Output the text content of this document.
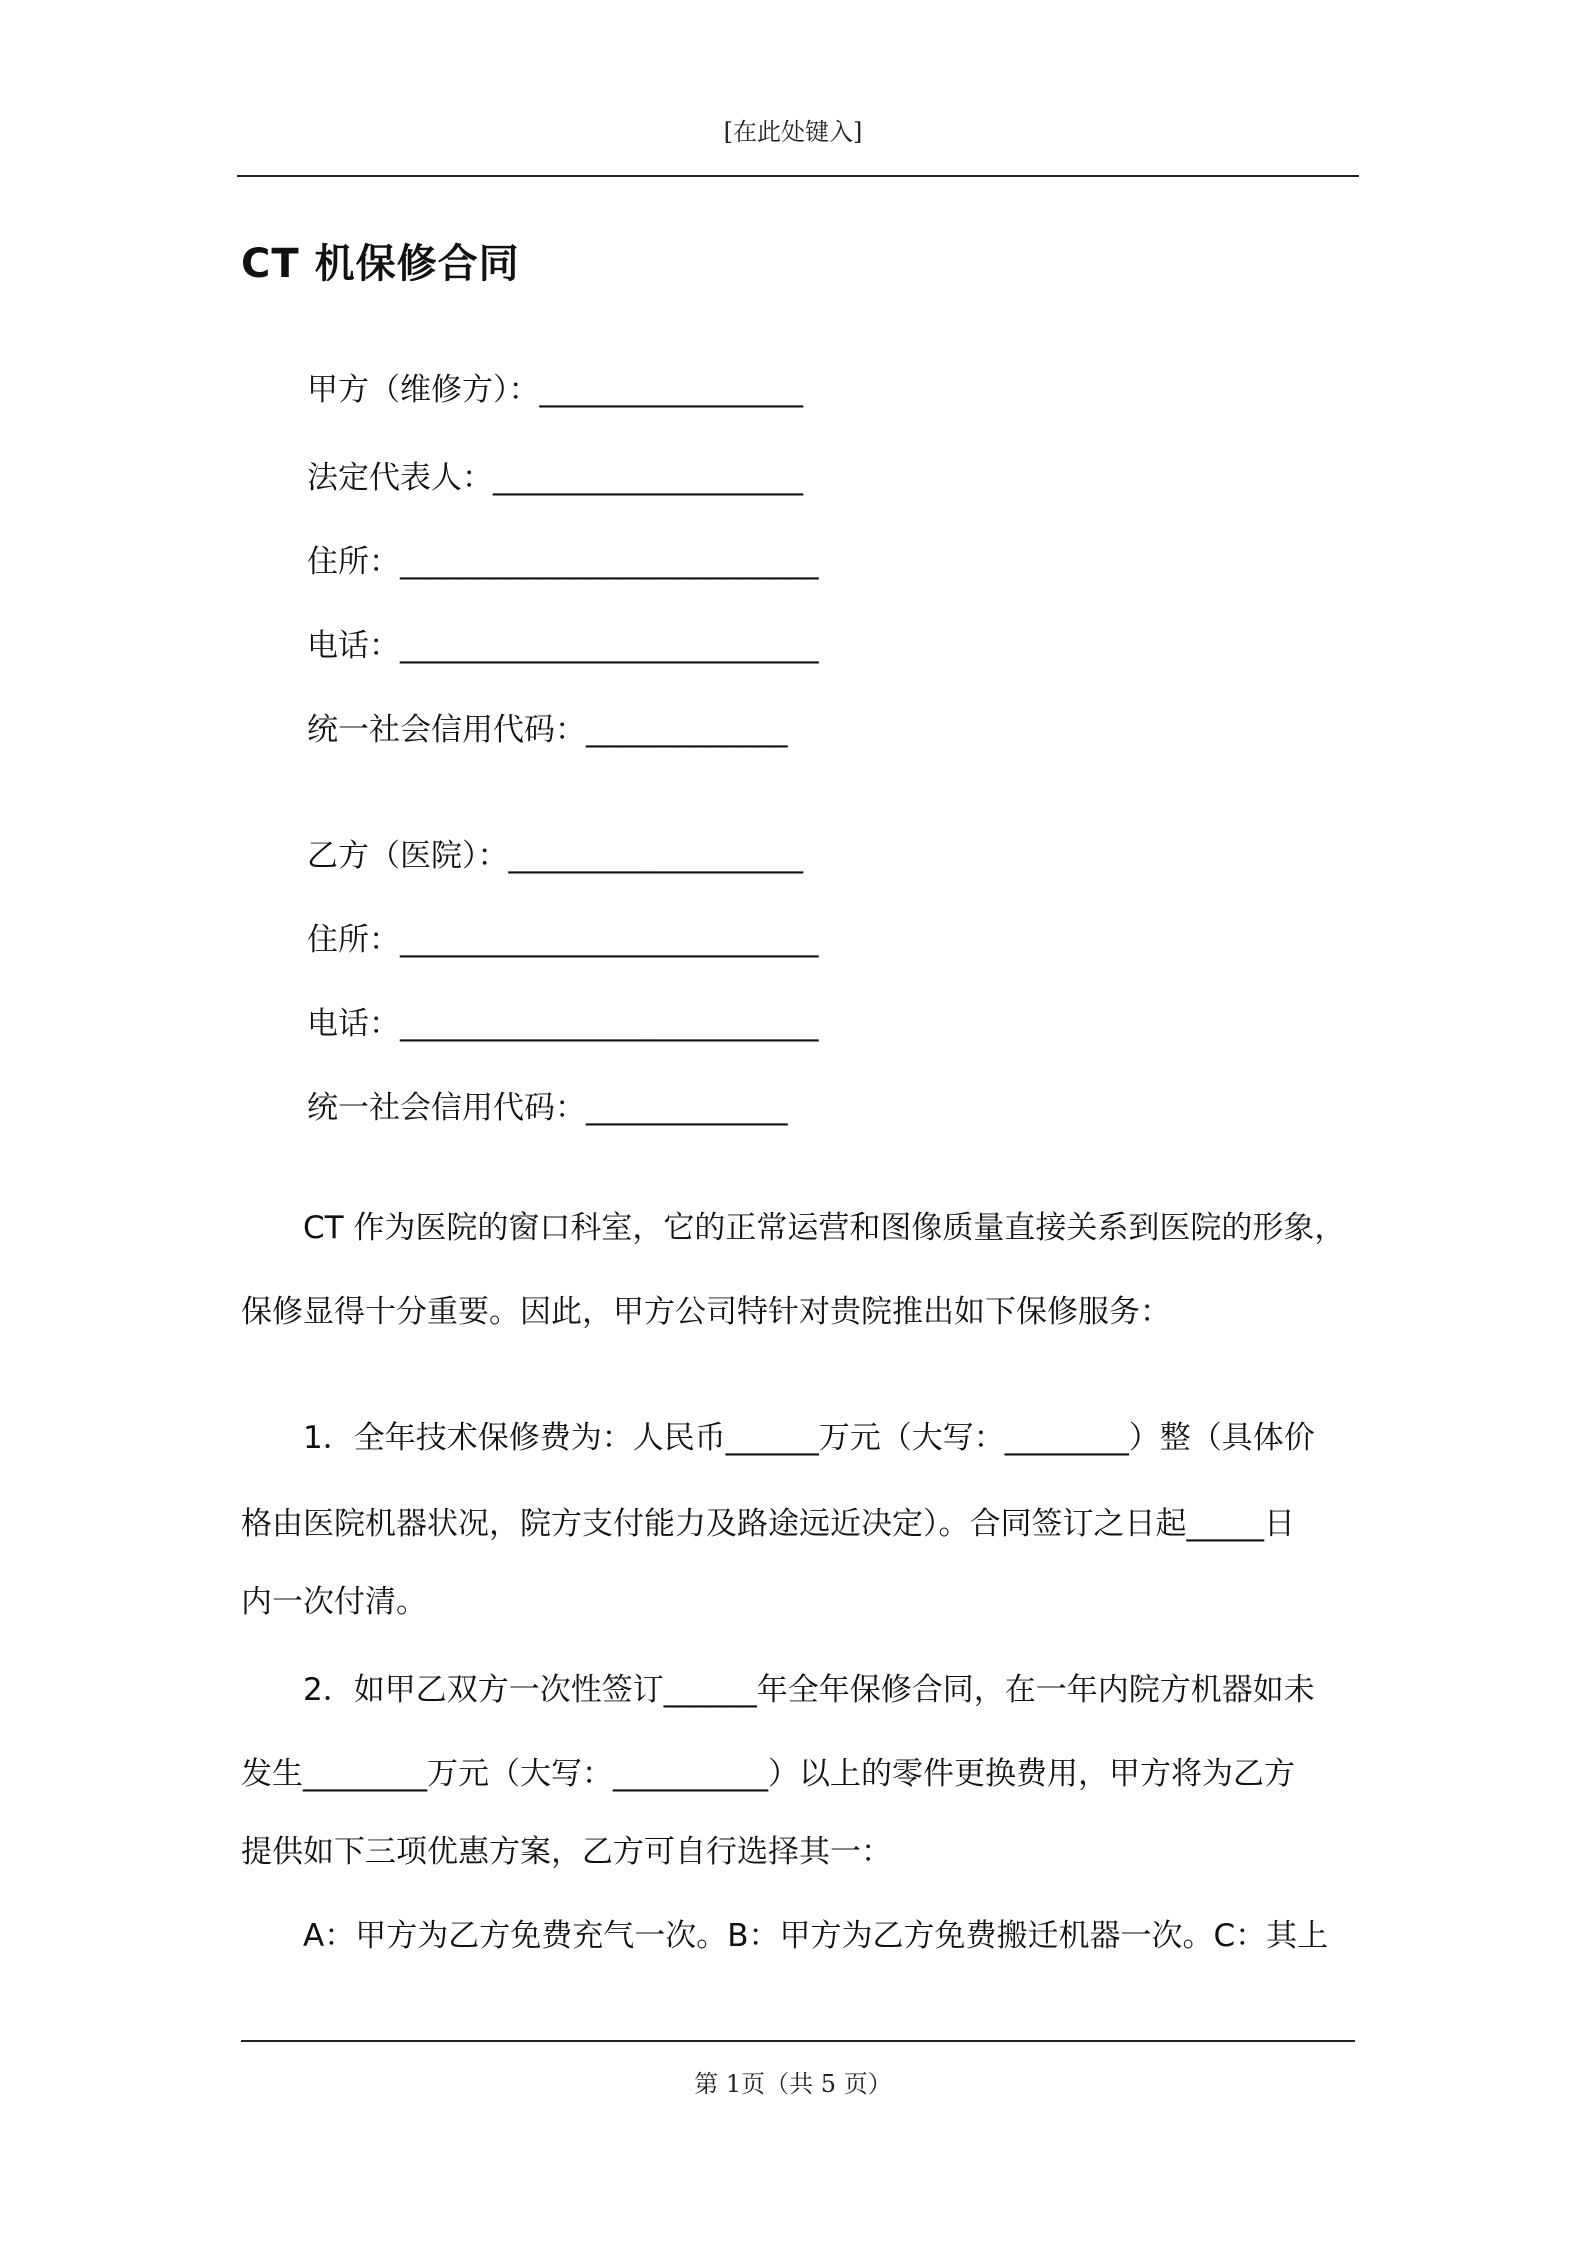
[在此处键入]
CT 机保修合同
甲方（维修方）：_________________
法定代表人：____________________
住所：___________________________
电话：___________________________
统一社会信用代码：_____________
乙方（医院）：___________________
住所：___________________________
电话：___________________________
统一社会信用代码：_____________
　　CT 作为医院的窗口科室，它的正常运营和图像质量直接关系到医院的形象，
保修显得十分重要。因此，甲方公司特针对贵院推出如下保修服务：
　　1．全年技术保修费为：人民币______万元（大写：________）整（具体价
格由医院机器状况，院方支付能力及路途远近决定）。合同签订之日起_____日
内一次付清。
　　2．如甲乙双方一次性签订______年全年保修合同，在一年内院方机器如未
发生________万元（大写：__________）以上的零件更换费用，甲方将为乙方
提供如下三项优惠方案，乙方可自行选择其一：
　　A：甲方为乙方免费充气一次。B：甲方为乙方免费搬迁机器一次。C：其上
第 1页（共 5 页）
